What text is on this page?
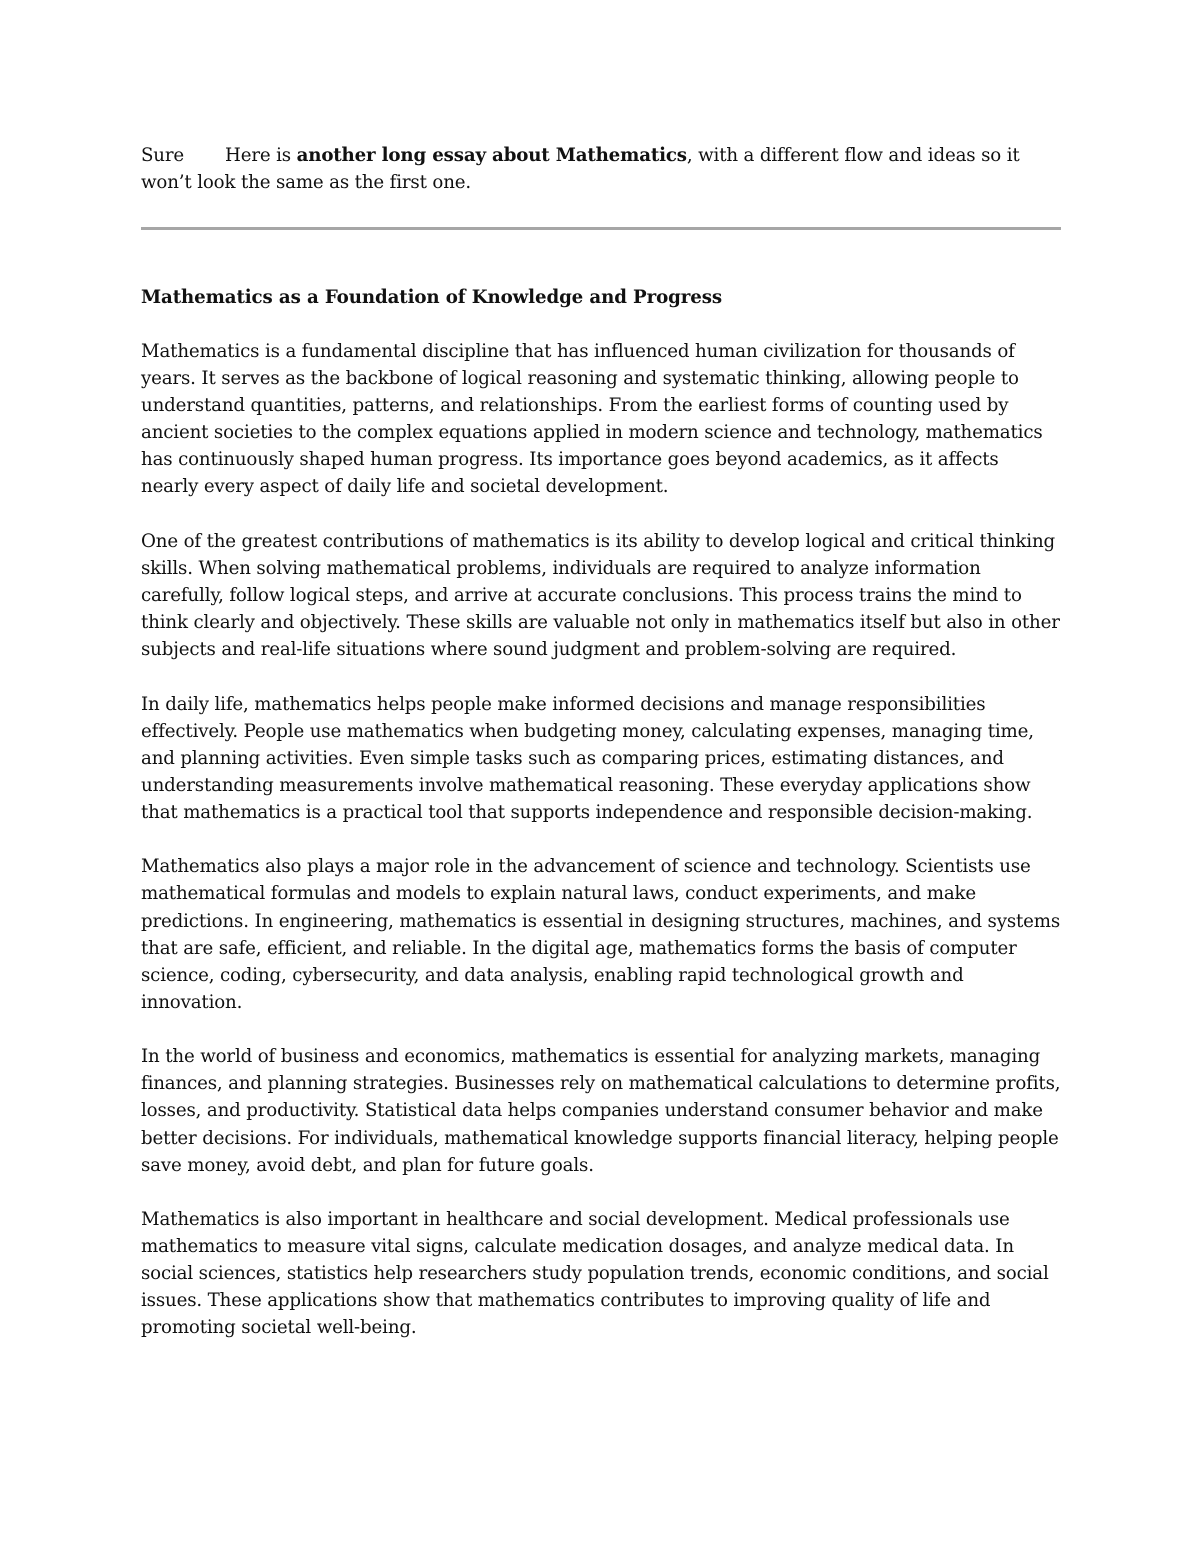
Sure Here is another long essay about Mathematics, with a different flow and ideas so it won’t look the same as the first one.

Mathematics as a Foundation of Knowledge and Progress

Mathematics is a fundamental discipline that has influenced human civilization for thousands of years. It serves as the backbone of logical reasoning and systematic thinking, allowing people to understand quantities, patterns, and relationships. From the earliest forms of counting used by ancient societies to the complex equations applied in modern science and technology, mathematics has continuously shaped human progress. Its importance goes beyond academics, as it affects nearly every aspect of daily life and societal development.

One of the greatest contributions of mathematics is its ability to develop logical and critical thinking skills. When solving mathematical problems, individuals are required to analyze information carefully, follow logical steps, and arrive at accurate conclusions. This process trains the mind to think clearly and objectively. These skills are valuable not only in mathematics itself but also in other subjects and real-life situations where sound judgment and problem-solving are required.

In daily life, mathematics helps people make informed decisions and manage responsibilities effectively. People use mathematics when budgeting money, calculating expenses, managing time, and planning activities. Even simple tasks such as comparing prices, estimating distances, and understanding measurements involve mathematical reasoning. These everyday applications show that mathematics is a practical tool that supports independence and responsible decision-making.

Mathematics also plays a major role in the advancement of science and technology. Scientists use mathematical formulas and models to explain natural laws, conduct experiments, and make predictions. In engineering, mathematics is essential in designing structures, machines, and systems that are safe, efficient, and reliable. In the digital age, mathematics forms the basis of computer science, coding, cybersecurity, and data analysis, enabling rapid technological growth and innovation.

In the world of business and economics, mathematics is essential for analyzing markets, managing finances, and planning strategies. Businesses rely on mathematical calculations to determine profits, losses, and productivity. Statistical data helps companies understand consumer behavior and make better decisions. For individuals, mathematical knowledge supports financial literacy, helping people save money, avoid debt, and plan for future goals.

Mathematics is also important in healthcare and social development. Medical professionals use mathematics to measure vital signs, calculate medication dosages, and analyze medical data. In social sciences, statistics help researchers study population trends, economic conditions, and social issues. These applications show that mathematics contributes to improving quality of life and promoting societal well-being.
